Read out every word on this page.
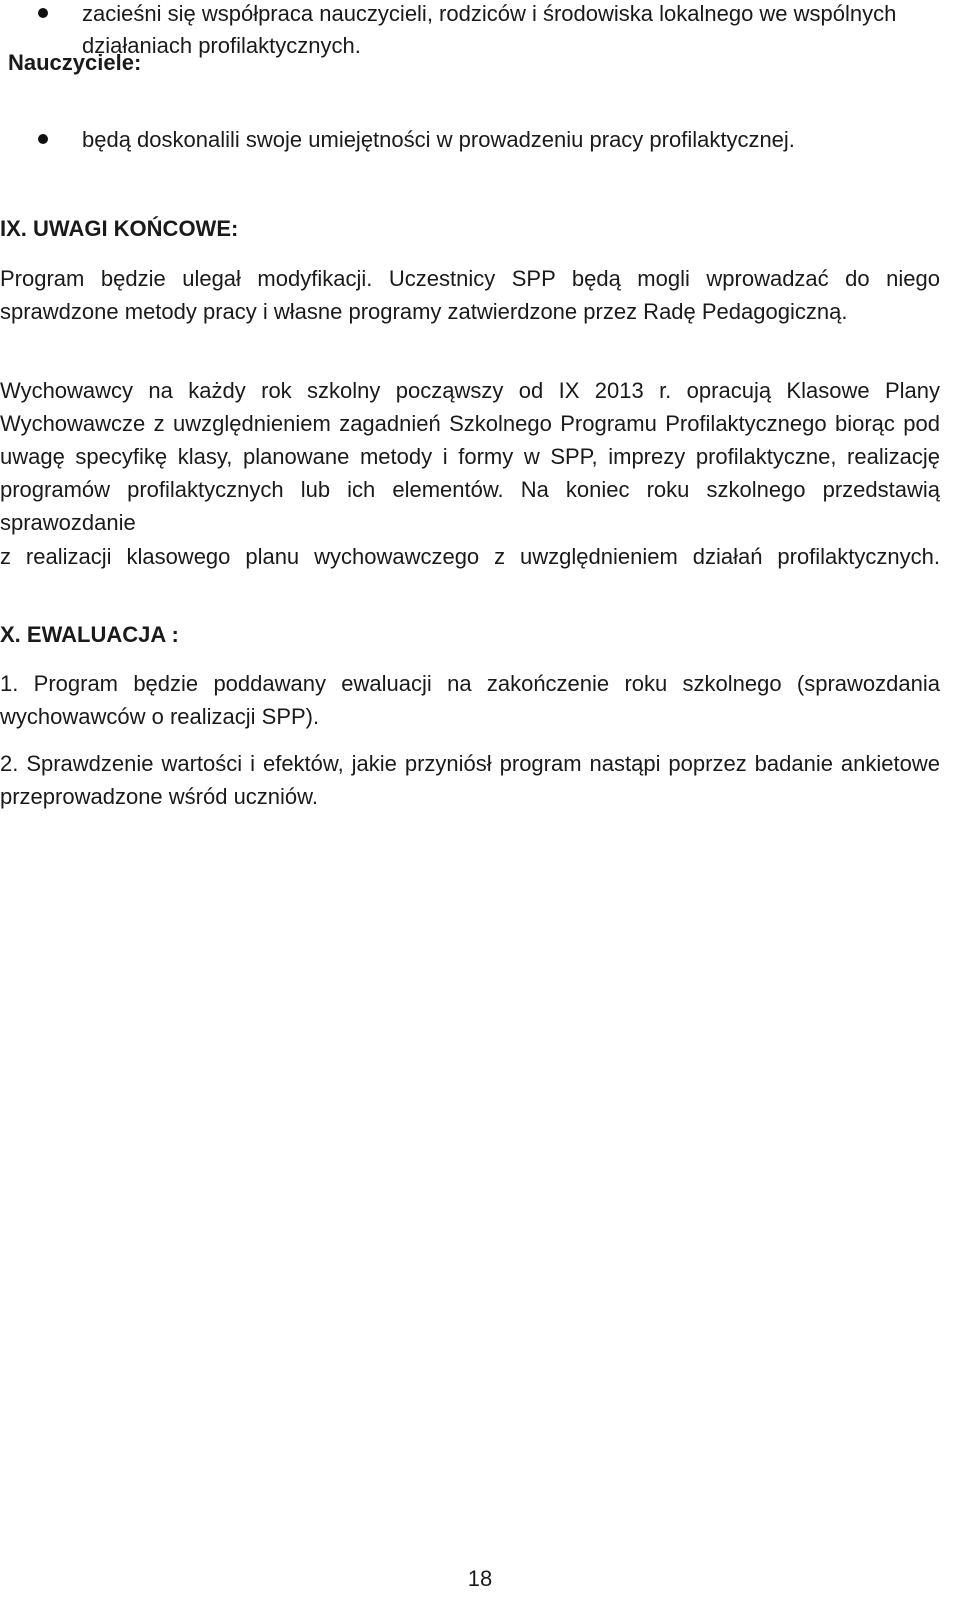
zacieśni się współpraca nauczycieli, rodziców i środowiska lokalnego we wspólnych działaniach profilaktycznych.
Nauczyciele:
będą doskonalili swoje umiejętności w prowadzeniu pracy profilaktycznej.
IX. UWAGI KOŃCOWE:
Program będzie ulegał modyfikacji. Uczestnicy SPP będą mogli wprowadzać do niego sprawdzone metody pracy i własne programy zatwierdzone przez Radę Pedagogiczną.
Wychowawcy na każdy rok szkolny począwszy od IX 2013 r. opracują Klasowe Plany Wychowawcze z uwzględnieniem zagadnień Szkolnego Programu Profilaktycznego biorąc pod uwagę specyfikę klasy, planowane metody i formy w SPP, imprezy profilaktyczne, realizację programów profilaktycznych lub ich elementów. Na koniec roku szkolnego przedstawią sprawozdanie
z realizacji klasowego planu wychowawczego z uwzględnieniem działań profilaktycznych.
X. EWALUACJA :
1. Program będzie poddawany ewaluacji na zakończenie roku szkolnego (sprawozdania wychowawców o realizacji SPP).
2. Sprawdzenie wartości i efektów, jakie przyniósł program nastąpi poprzez badanie ankietowe przeprowadzone wśród uczniów.
18
